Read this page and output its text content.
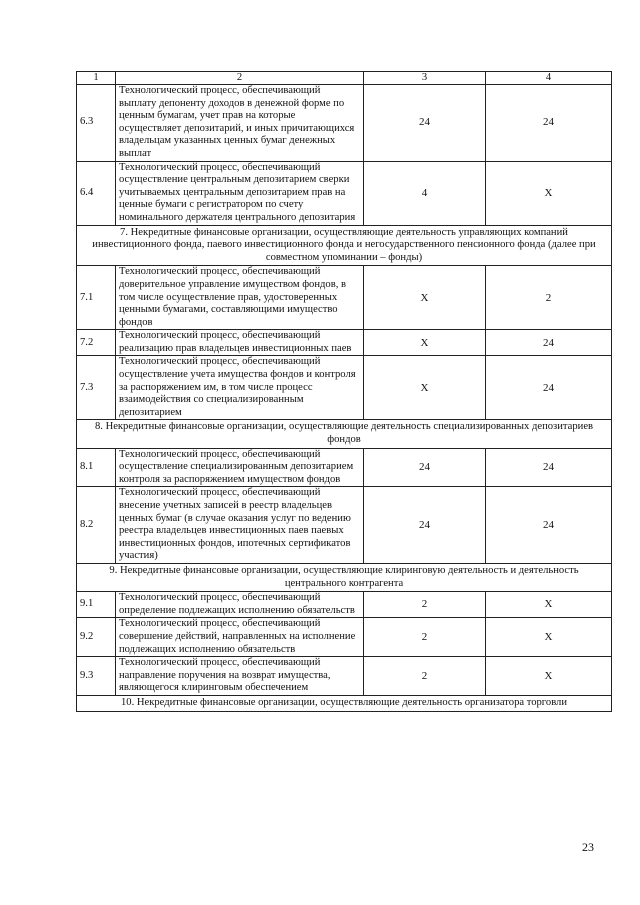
1	2	3	4
6.3	Технологический процесс, обеспечивающий выплату депоненту доходов в денежной форме по ценным бумагам, учет прав на которые осуществляет депозитарий, и иных причитающихся владельцам указанных ценных бумаг денежных выплат	24	24
6.4	Технологический процесс, обеспечивающий осуществление центральным депозитарием сверки учитываемых центральным депозитарием прав на ценные бумаги с регистратором по счету номинального держателя центрального депозитария	4	X
7. Некредитные финансовые организации, осуществляющие деятельность управляющих компаний инвестиционного фонда, паевого инвестиционного фонда и негосударственного пенсионного фонда (далее при совместном упоминании – фонды)			
7.1	Технологический процесс, обеспечивающий доверительное управление имуществом фондов, в том числе осуществление прав, удостоверенных ценными бумагами, составляющими имущество фондов	X	2
7.2	Технологический процесс, обеспечивающий реализацию прав владельцев инвестиционных паев	X	24
7.3	Технологический процесс, обеспечивающий осуществление учета имущества фондов и контроля за распоряжением им, в том числе процесс взаимодействия со специализированным депозитарием	X	24
8. Некредитные финансовые организации, осуществляющие деятельность специализированных депозитариев фондов			
8.1	Технологический процесс, обеспечивающий осуществление специализированным депозитарием контроля за распоряжением имуществом фондов	24	24
8.2	Технологический процесс, обеспечивающий внесение учетных записей в реестр владельцев ценных бумаг (в случае оказания услуг по ведению реестра владельцев инвестиционных паев паевых инвестиционных фондов, ипотечных сертификатов участия)	24	24
9. Некредитные финансовые организации, осуществляющие клиринговую деятельность и деятельность центрального контрагента			
9.1	Технологический процесс, обеспечивающий определение подлежащих исполнению обязательств	2	X
9.2	Технологический процесс, обеспечивающий совершение действий, направленных на исполнение подлежащих исполнению обязательств	2	X
9.3	Технологический процесс, обеспечивающий направление поручения на возврат имущества, являющегося клиринговым обеспечением	2	X
10. Некредитные финансовые организации, осуществляющие деятельность организатора торговли			
23
